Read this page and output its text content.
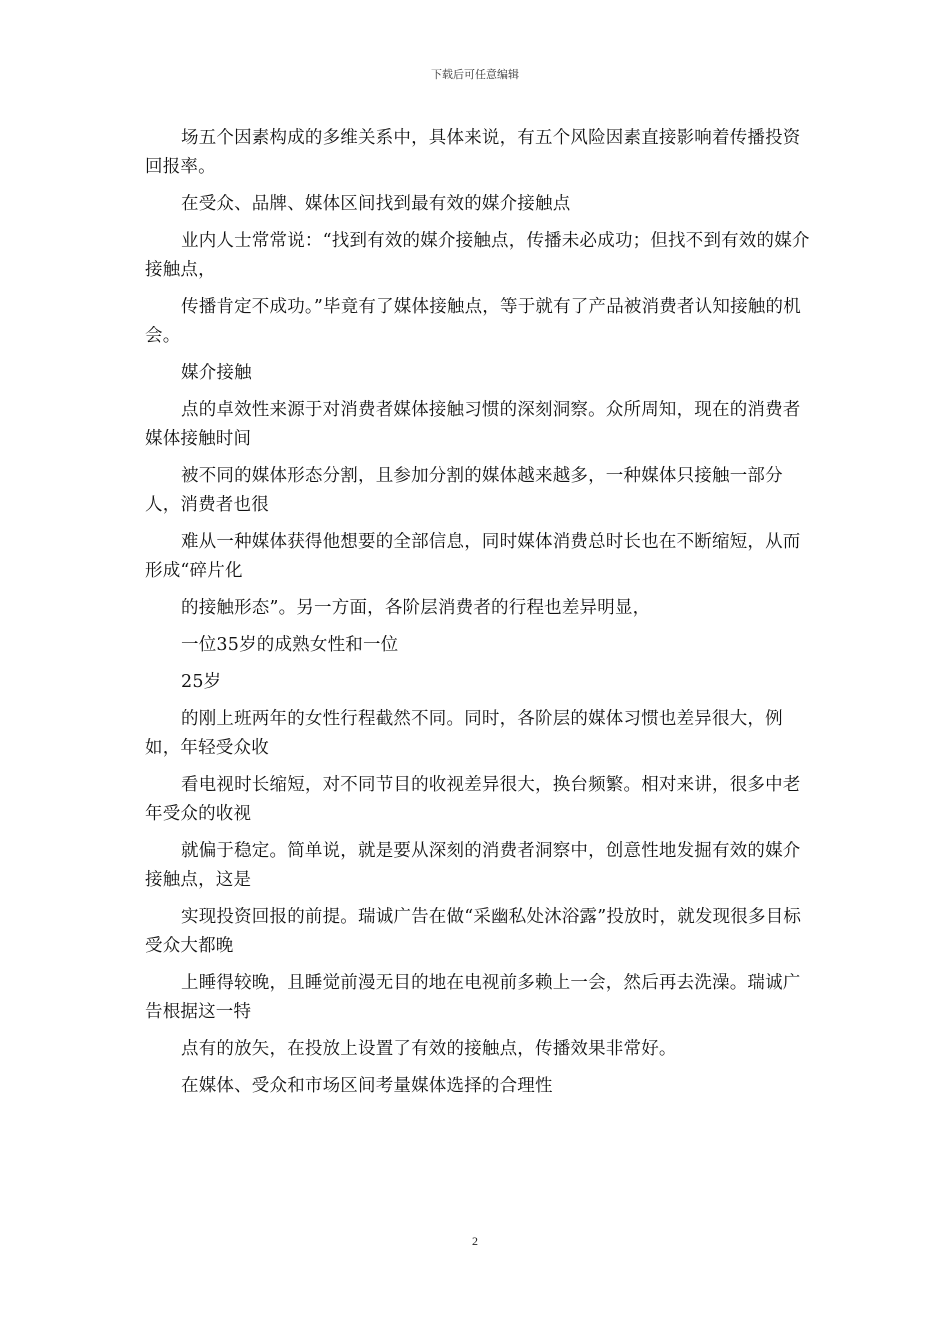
下载后可任意编辑

场五个因素构成的多维关系中，具体来说，有五个风险因素直接影响着传播投资回报率。

在受众、品牌、媒体区间找到最有效的媒介接触点

业内人士常常说：“找到有效的媒介接触点，传播未必成功；但找不到有效的媒介接触点，

传播肯定不成功。”毕竟有了媒体接触点，等于就有了产品被消费者认知接触的机会。

媒介接触

点的卓效性来源于对消费者媒体接触习惯的深刻洞察。众所周知，现在的消费者媒体接触时间

被不同的媒体形态分割，且参加分割的媒体越来越多，一种媒体只接触一部分人，消费者也很

难从一种媒体获得他想要的全部信息，同时媒体消费总时长也在不断缩短，从而形成“碎片化

的接触形态”。另一方面，各阶层消费者的行程也差异明显，

一位35岁的成熟女性和一位

25岁

的刚上班两年的女性行程截然不同。同时，各阶层的媒体习惯也差异很大，例如，年轻受众收

看电视时长缩短，对不同节目的收视差异很大，换台频繁。相对来讲，很多中老年受众的收视

就偏于稳定。简单说，就是要从深刻的消费者洞察中，创意性地发掘有效的媒介接触点，这是

实现投资回报的前提。瑞诚广告在做“采幽私处沐浴露”投放时，就发现很多目标受众大都晚

上睡得较晚，且睡觉前漫无目的地在电视前多赖上一会，然后再去洗澡。瑞诚广告根据这一特

点有的放矢，在投放上设置了有效的接触点，传播效果非常好。

在媒体、受众和市场区间考量媒体选择的合理性

2
